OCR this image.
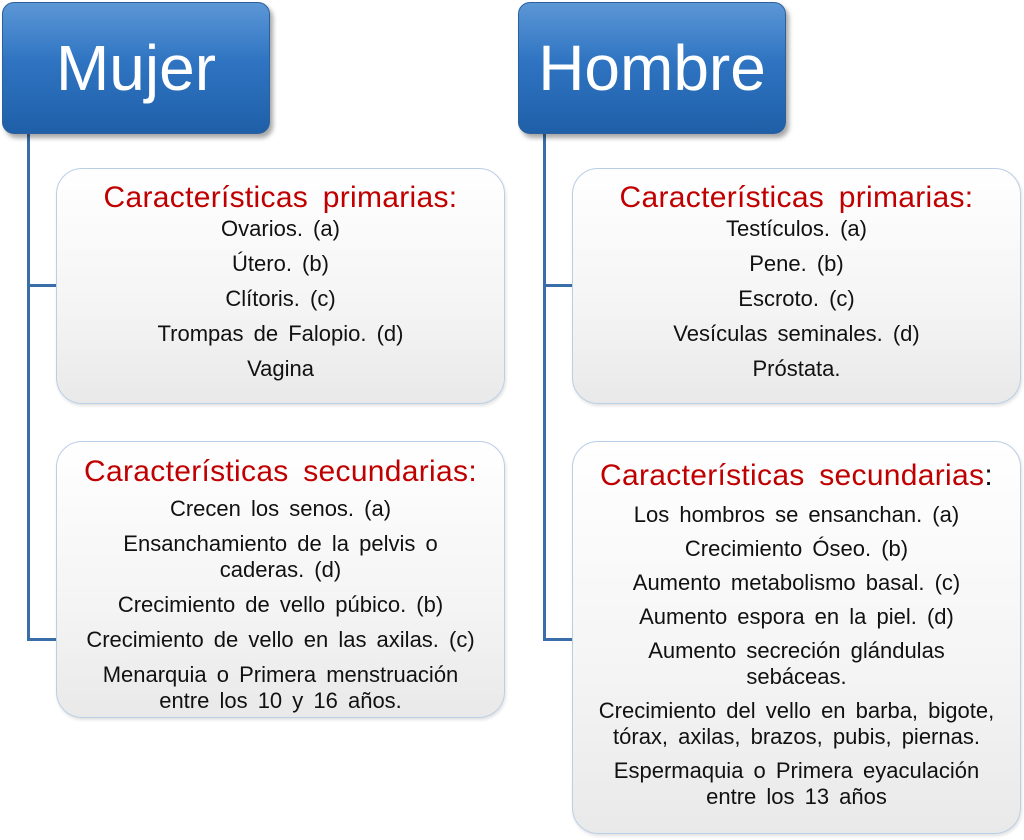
Mujer	Hombre
Características primarias:
Ovarios. (a)
Útero. (b)
Clítoris. (c)
Trompas de Falopio. (d)
Vagina
Características primarias:
Testículos. (a)
Pene. (b)
Escroto. (c)
Vesículas seminales. (d)
Próstata.
Características secundarias:
Crecen los senos. (a)
Ensanchamiento de la pelvis o caderas. (d)
Crecimiento de vello púbico. (b)
Crecimiento de vello en las axilas. (c)
Menarquia o Primera menstruación entre los 10 y 16 años.
Características secundarias:
Los hombros se ensanchan. (a)
Crecimiento Óseo. (b)
Aumento metabolismo basal. (c)
Aumento espora en la piel. (d)
Aumento secreción glándulas sebáceas.
Crecimiento del vello en barba, bigote, tórax, axilas, brazos, pubis, piernas.
Espermaquia o Primera eyaculación entre los 13 años
